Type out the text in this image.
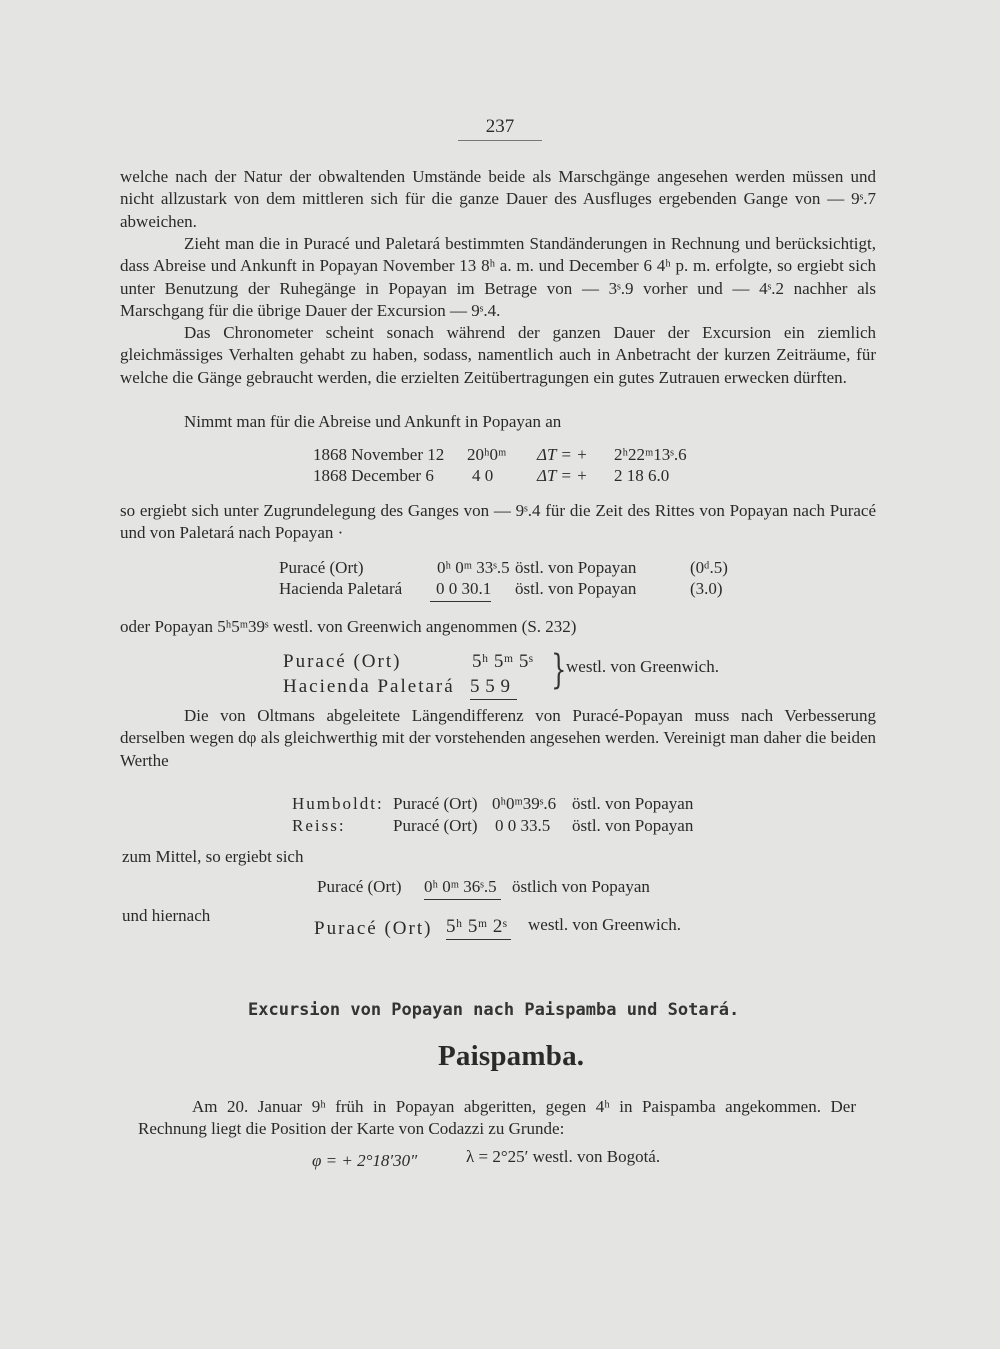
237
welche nach der Natur der obwaltenden Umstände beide als Marschgänge angesehen werden müssen und nicht allzustark von dem mittleren sich für die ganze Dauer des Ausfluges ergebenden Gange von — 9ˢ.7 abweichen.
Zieht man die in Puracé und Paletará bestimmten Standänderungen in Rechnung und berücksichtigt, dass Abreise und Ankunft in Popayan November 13 8ʰ a. m. und December 6 4ʰ p. m. erfolgte, so ergiebt sich unter Benutzung der Ruhegänge in Popayan im Betrage von — 3ˢ.9 vorher und — 4ˢ.2 nachher als Marschgang für die übrige Dauer der Excursion — 9ˢ.4.
Das Chronometer scheint sonach während der ganzen Dauer der Excursion ein ziemlich gleichmässiges Verhalten gehabt zu haben, sodass, namentlich auch in Anbetracht der kurzen Zeiträume, für welche die Gänge gebraucht werden, die erzielten Zeitübertragungen ein gutes Zutrauen erwecken dürften.
Nimmt man für die Abreise und Ankunft in Popayan an
1868 November 12 20ʰ0ᵐ ΔT = + 2ʰ22ᵐ13ˢ.6
1868 December 6 4 0	ΔT = + 2 18 6.0
so ergiebt sich unter Zugrundelegung des Ganges von — 9ˢ.4 für die Zeit des Rittes von Popayan nach Puracé und von Paletará nach Popayan ·
Puracé (Ort)	0ʰ 0ᵐ 33ˢ.5 östl. von Popayan	(0ᵈ.5)
Hacienda Paletará	0 0 30.1 östl. von Popayan	(3.0)
oder Popayan 5ʰ5ᵐ39ˢ westl. von Greenwich angenommen (S. 232)
Puracé (Ort)	5ʰ 5ᵐ 5ˢ
Hacienda Paletará 5 5 9 } westl. von Greenwich.
Die von Oltmans abgeleitete Längendifferenz von Puracé-Popayan muss nach Verbesserung derselben wegen dφ als gleichwerthig mit der vorstehenden angesehen werden. Vereinigt man daher die beiden Werthe
Humboldt: Puracé (Ort) 0ʰ0ᵐ39ˢ.6 östl. von Popayan
Reiss:	Puracé (Ort) 0 0 33.5 östl. von Popayan
zum Mittel, so ergiebt sich
Puracé (Ort) 0ʰ 0ᵐ 36ˢ.5 östlich von Popayan
und hiernach
Puracé (Ort) 5ʰ 5ᵐ 2ˢ westl. von Greenwich.
Excursion von Popayan nach Paispamba und Sotará.
Paispamba.
Am 20. Januar 9ʰ früh in Popayan abgeritten, gegen 4ʰ in Paispamba angekommen. Der Rechnung liegt die Position der Karte von Codazzi zu Grunde:
φ = + 2°18′30″	λ = 2°25′ westl. von Bogotá.
